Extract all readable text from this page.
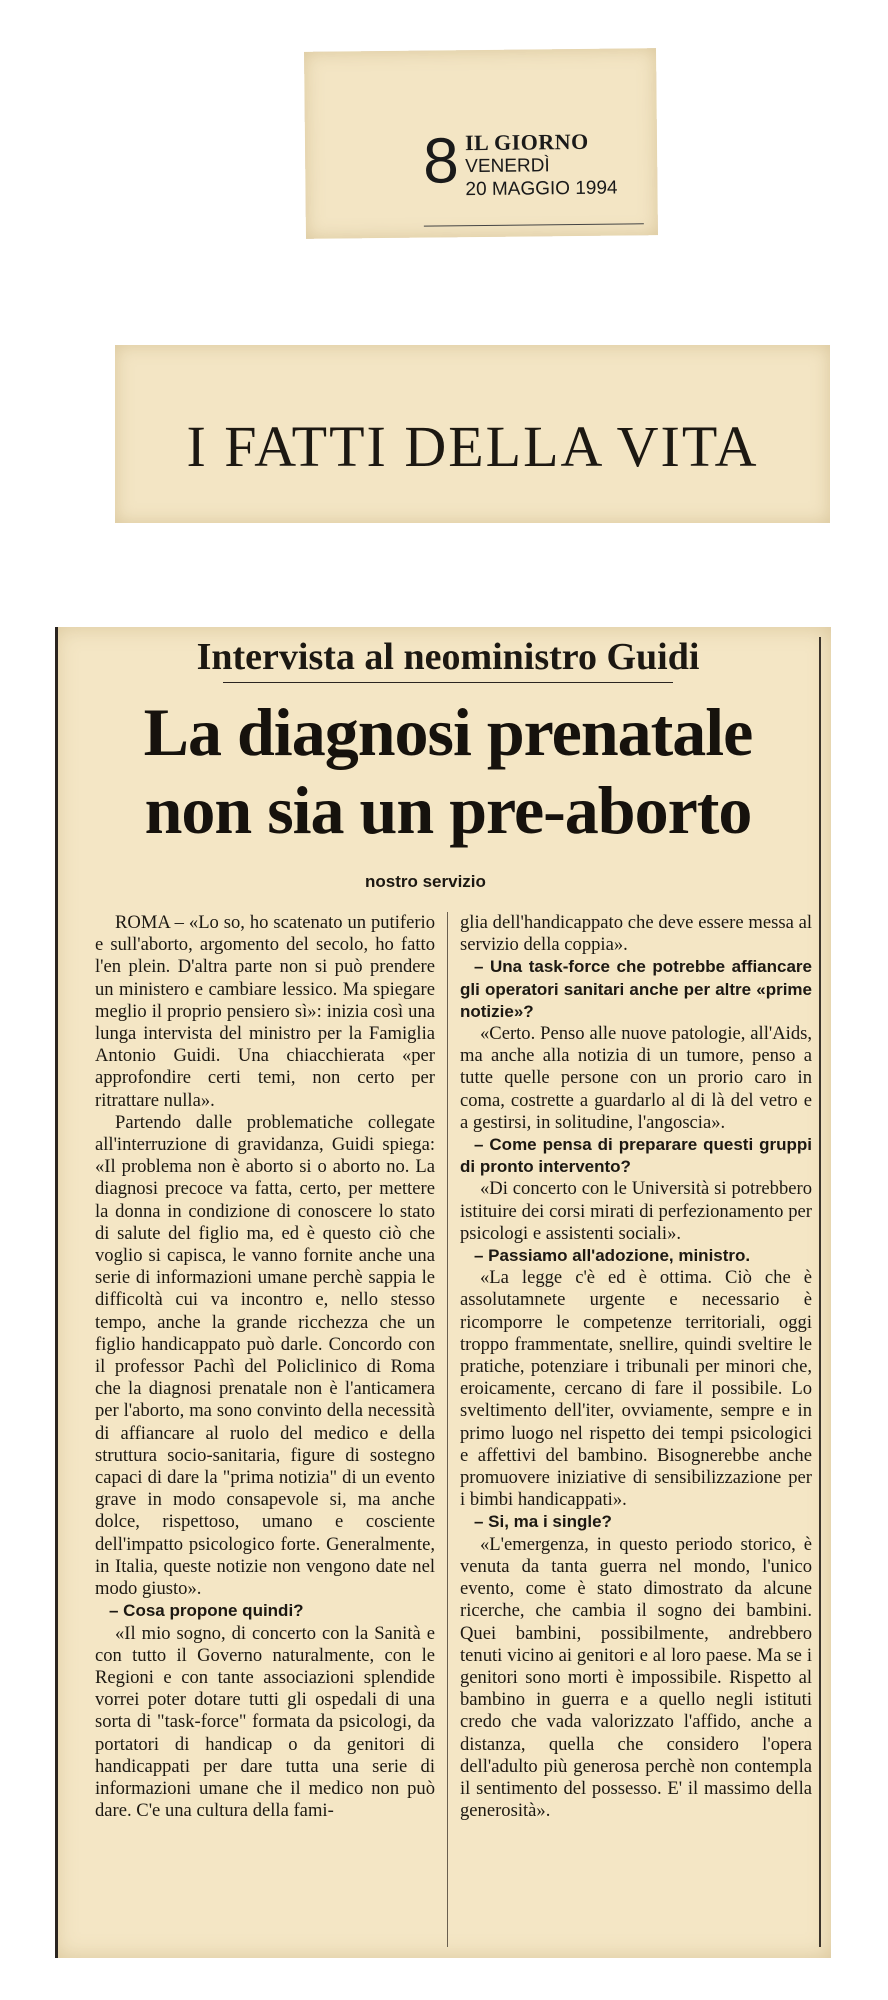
8 IL GIORNO
VENERDÌ
20 MAGGIO 1994
I FATTI DELLA VITA
Intervista al neoministro Guidi
La diagnosi prenatale
non sia un pre-aborto
nostro servizio

ROMA – «Lo so, ho scatenato un putiferio e sull'aborto, argomento del secolo, ho fatto l'en plein. D'altra parte non si può prendere un ministero e cambiare lessico. Ma spiegare meglio il proprio pensiero sì»: inizia così una lunga intervista del ministro per la Famiglia Antonio Guidi. Una chiacchierata «per approfondire certi temi, non certo per ritrattare nulla».

Partendo dalle problematiche collegate all'interruzione di gravidanza, Guidi spiega: «Il problema non è aborto si o aborto no. La diagnosi precoce va fatta, certo, per mettere la donna in condizione di conoscere lo stato di salute del figlio ma, ed è questo ciò che voglio si capisca, le vanno fornite anche una serie di informazioni umane perchè sappia le difficoltà cui va incontro e, nello stesso tempo, anche la grande ricchezza che un figlio handicappato può darle. Concordo con il professor Pachì del Policlinico di Roma che la diagnosi prenatale non è l'anticamera per l'aborto, ma sono convinto della necessità di affiancare al ruolo del medico e della struttura socio-sanitaria, figure di sostegno capaci di dare la "prima notizia" di un evento grave in modo consapevole si, ma anche dolce, rispettoso, umano e cosciente dell'impatto psicologico forte. Generalmente, in Italia, queste notizie non vengono date nel modo giusto».

– Cosa propone quindi?

«Il mio sogno, di concerto con la Sanità e con tutto il Governo naturalmente, con le Regioni e con tante associazioni splendide vorrei poter dotare tutti gli ospedali di una sorta di "task-force" formata da psicologi, da portatori di handicap o da genitori di handicappati per dare tutta una serie di informazioni umane che il medico non può dare. C'e una cultura della fami-

glia dell'handicappato che deve essere messa al servizio della coppia».

– Una task-force che potrebbe affiancare gli operatori sanitari anche per altre «prime notizie»?

«Certo. Penso alle nuove patologie, all'Aids, ma anche alla notizia di un tumore, penso a tutte quelle persone con un prorio caro in coma, costrette a guardarlo al di là del vetro e a gestirsi, in solitudine, l'angoscia».

– Come pensa di preparare questi gruppi di pronto intervento?

«Di concerto con le Università si potrebbero istituire dei corsi mirati di perfezionamento per psicologi e assistenti sociali».

– Passiamo all'adozione, ministro.

«La legge c'è ed è ottima. Ciò che è assolutamnete urgente e necessario è ricomporre le competenze territoriali, oggi troppo frammentate, snellire, quindi sveltire le pratiche, potenziare i tribunali per minori che, eroicamente, cercano di fare il possibile. Lo sveltimento dell'iter, ovviamente, sempre e in primo luogo nel rispetto dei tempi psicologici e affettivi del bambino. Bisognerebbe anche promuovere iniziative di sensibilizzazione per i bimbi handicappati».

– Si, ma i single?

«L'emergenza, in questo periodo storico, è venuta da tanta guerra nel mondo, l'unico evento, come è stato dimostrato da alcune ricerche, che cambia il sogno dei bambini. Quei bambini, possibilmente, andrebbero tenuti vicino ai genitori e al loro paese. Ma se i genitori sono morti è impossibile. Rispetto al bambino in guerra e a quello negli istituti credo che vada valorizzato l'affido, anche a distanza, quella che considero l'opera dell'adulto più generosa perchè non contempla il sentimento del possesso. E' il massimo della generosità».
